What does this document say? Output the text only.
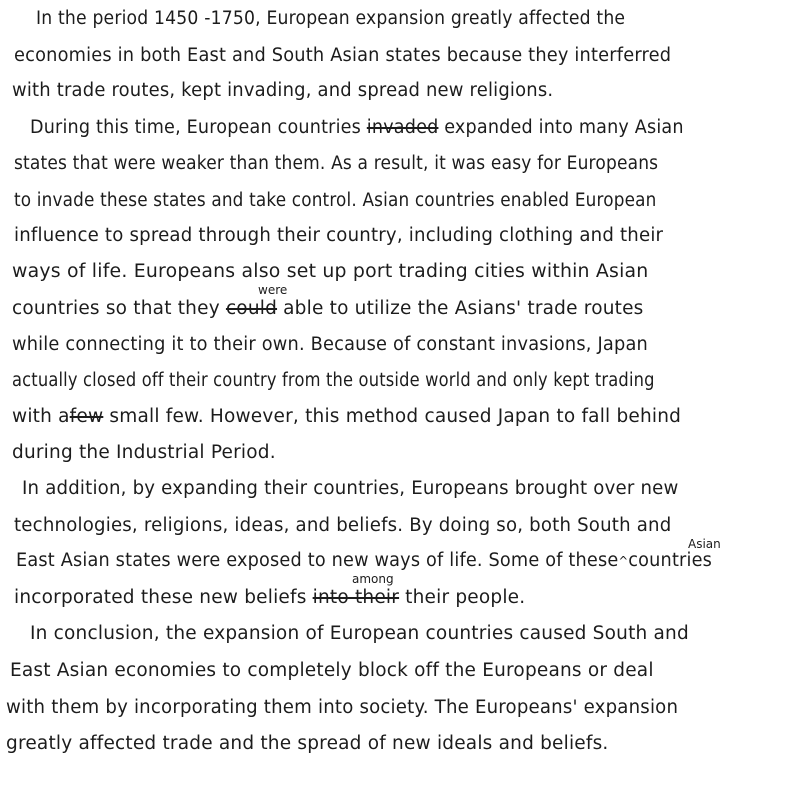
In the period 1450 -1750, European expansion greatly affected the
economies in both East and South Asian states because they interferred
with trade routes, kept invading, and spread new religions.
During this time, European countries invaded expanded into many Asian
states that were weaker than them. As a result, it was easy for Europeans
to invade these states and take control. Asian countries enabled European
influence to spread through their country, including clothing and their
ways of life. Europeans also set up port trading cities within Asian
were
countries so that they could able to utilize the Asians' trade routes
while connecting it to their own. Because of constant invasions, Japan
actually closed off their country from the outside world and only kept trading
with afew small few. However, this method caused Japan to fall behind
during the Industrial Period.
In addition, by expanding their countries, Europeans brought over new
technologies, religions, ideas, and beliefs. By doing so, both South and
Asian
East Asian states were exposed to new ways of life. Some of these^countries
among
incorporated these new beliefs into their their people.
In conclusion, the expansion of European countries caused South and
East Asian economies to completely block off the Europeans or deal
with them by incorporating them into society. The Europeans' expansion
greatly affected trade and the spread of new ideals and beliefs.
